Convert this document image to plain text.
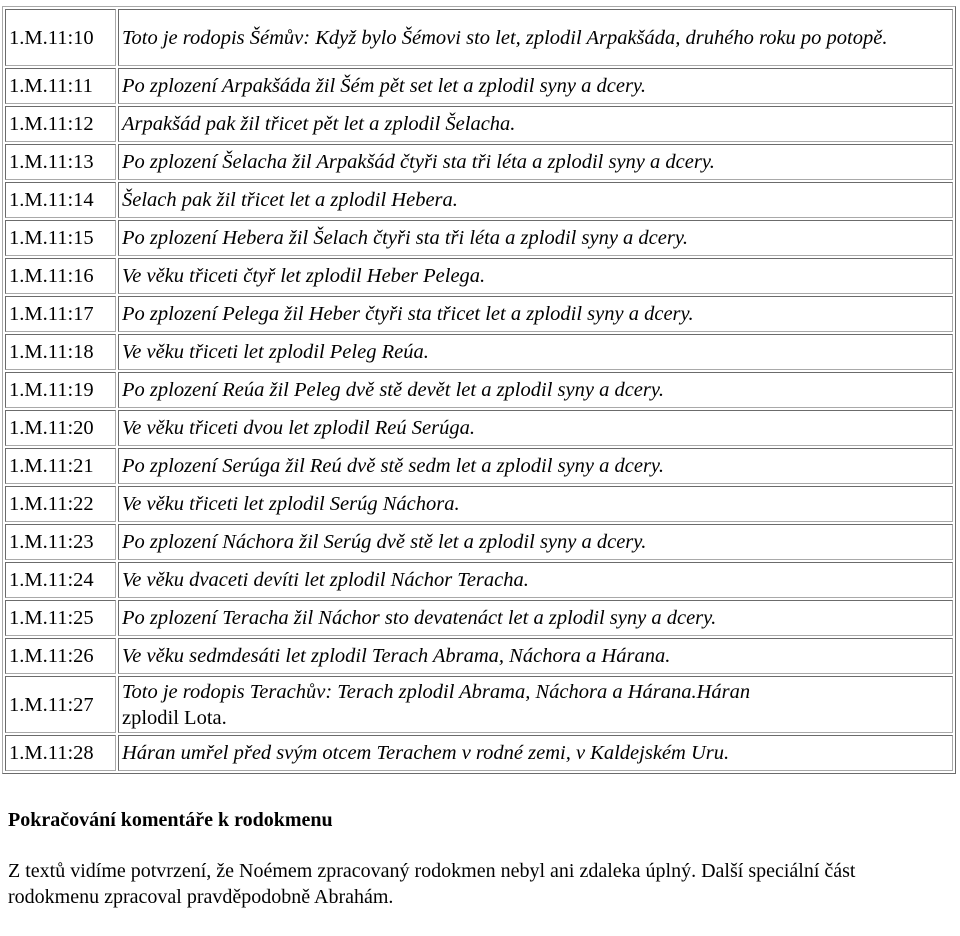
1.M.11:10	Toto je rodopis Šémův: Když bylo Šémovi sto let, zplodil Arpakšáda, druhého roku po potopě.
1.M.11:11	Po zplození Arpakšáda žil Šém pět set let a zplodil syny a dcery.
1.M.11:12	Arpakšád pak žil třicet pět let a zplodil Šelacha.
1.M.11:13	Po zplození Šelacha žil Arpakšád čtyři sta tři léta a zplodil syny a dcery.
1.M.11:14	Šelach pak žil třicet let a zplodil Hebera.
1.M.11:15	Po zplození Hebera žil Šelach čtyři sta tři léta a zplodil syny a dcery.
1.M.11:16	Ve věku třiceti čtyř let zplodil Heber Pelega.
1.M.11:17	Po zplození Pelega žil Heber čtyři sta třicet let a zplodil syny a dcery.
1.M.11:18	Ve věku třiceti let zplodil Peleg Reúa.
1.M.11:19	Po zplození Reúa žil Peleg dvě stě devět let a zplodil syny a dcery.
1.M.11:20	Ve věku třiceti dvou let zplodil Reú Serúga.
1.M.11:21	Po zplození Serúga žil Reú dvě stě sedm let a zplodil syny a dcery.
1.M.11:22	Ve věku třiceti let zplodil Serúg Náchora.
1.M.11:23	Po zplození Náchora žil Serúg dvě stě let a zplodil syny a dcery.
1.M.11:24	Ve věku dvaceti devíti let zplodil Náchor Teracha.
1.M.11:25	Po zplození Teracha žil Náchor sto devatenáct let a zplodil syny a dcery.
1.M.11:26	Ve věku sedmdesáti let zplodil Terach Abrama, Náchora a Hárana.
1.M.11:27	Toto je rodopis Terachův: Terach zplodil Abrama, Náchora a Hárana.Háran
zplodil Lota.
1.M.11:28	Háran umřel před svým otcem Terachem v rodné zemi, v Kaldejském Uru.
Pokračování komentáře k rodokmenu

Z textů vidíme potvrzení, že Noémem zpracovaný rodokmen nebyl ani zdaleka úplný. Další speciální část rodokmenu zpracoval pravděpodobně Abrahám.
